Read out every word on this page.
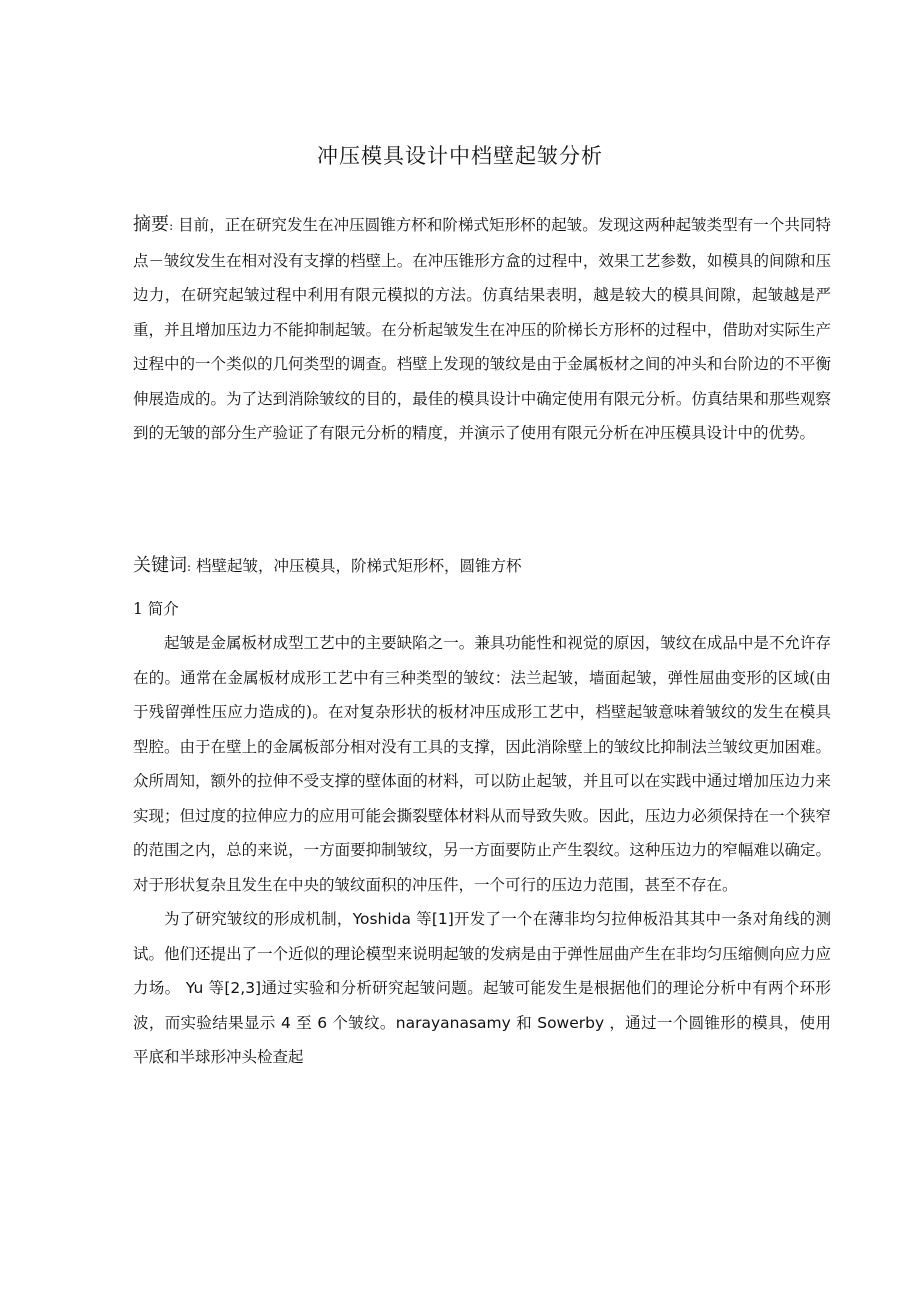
冲压模具设计中档壁起皱分析
摘要: 目前，正在研究发生在冲压圆锥方杯和阶梯式矩形杯的起皱。发现这两种起皱类型有一个共同特点－皱纹发生在相对没有支撑的档壁上。在冲压锥形方盒的过程中，效果工艺参数，如模具的间隙和压边力，在研究起皱过程中利用有限元模拟的方法。仿真结果表明，越是较大的模具间隙，起皱越是严重，并且增加压边力不能抑制起皱。在分析起皱发生在冲压的阶梯长方形杯的过程中，借助对实际生产过程中的一个类似的几何类型的调查。档壁上发现的皱纹是由于金属板材之间的冲头和台阶边的不平衡伸展造成的。为了达到消除皱纹的目的，最佳的模具设计中确定使用有限元分析。仿真结果和那些观察到的无皱的部分生产验证了有限元分析的精度，并演示了使用有限元分析在冲压模具设计中的优势。
关键词: 档壁起皱，冲压模具，阶梯式矩形杯，圆锥方杯
1 简介

起皱是金属板材成型工艺中的主要缺陷之一。兼具功能性和视觉的原因，皱纹在成品中是不允许存在的。通常在金属板材成形工艺中有三种类型的皱纹：法兰起皱，墙面起皱，弹性屈曲变形的区域(由于残留弹性压应力造成的)。在对复杂形状的板材冲压成形工艺中，档壁起皱意味着皱纹的发生在模具型腔。由于在壁上的金属板部分相对没有工具的支撑，因此消除壁上的皱纹比抑制法兰皱纹更加困难。众所周知，额外的拉伸不受支撑的壁体面的材料，可以防止起皱，并且可以在实践中通过增加压边力来实现；但过度的拉伸应力的应用可能会撕裂壁体材料从而导致失败。因此，压边力必须保持在一个狭窄的范围之内，总的来说，一方面要抑制皱纹，另一方面要防止产生裂纹。这种压边力的窄幅难以确定。对于形状复杂且发生在中央的皱纹面积的冲压件，一个可行的压边力范围，甚至不存在。

为了研究皱纹的形成机制，Yoshida 等[1]开发了一个在薄非均匀拉伸板沿其其中一条对角线的测试。他们还提出了一个近似的理论模型来说明起皱的发病是由于弹性屈曲产生在非均匀压缩侧向应力应力场。 Yu 等[2,3]通过实验和分析研究起皱问题。起皱可能发生是根据他们的理论分析中有两个环形波，而实验结果显示 4 至 6 个皱纹。narayanasamy 和 Sowerby ，通过一个圆锥形的模具，使用平底和半球形冲头检查起
